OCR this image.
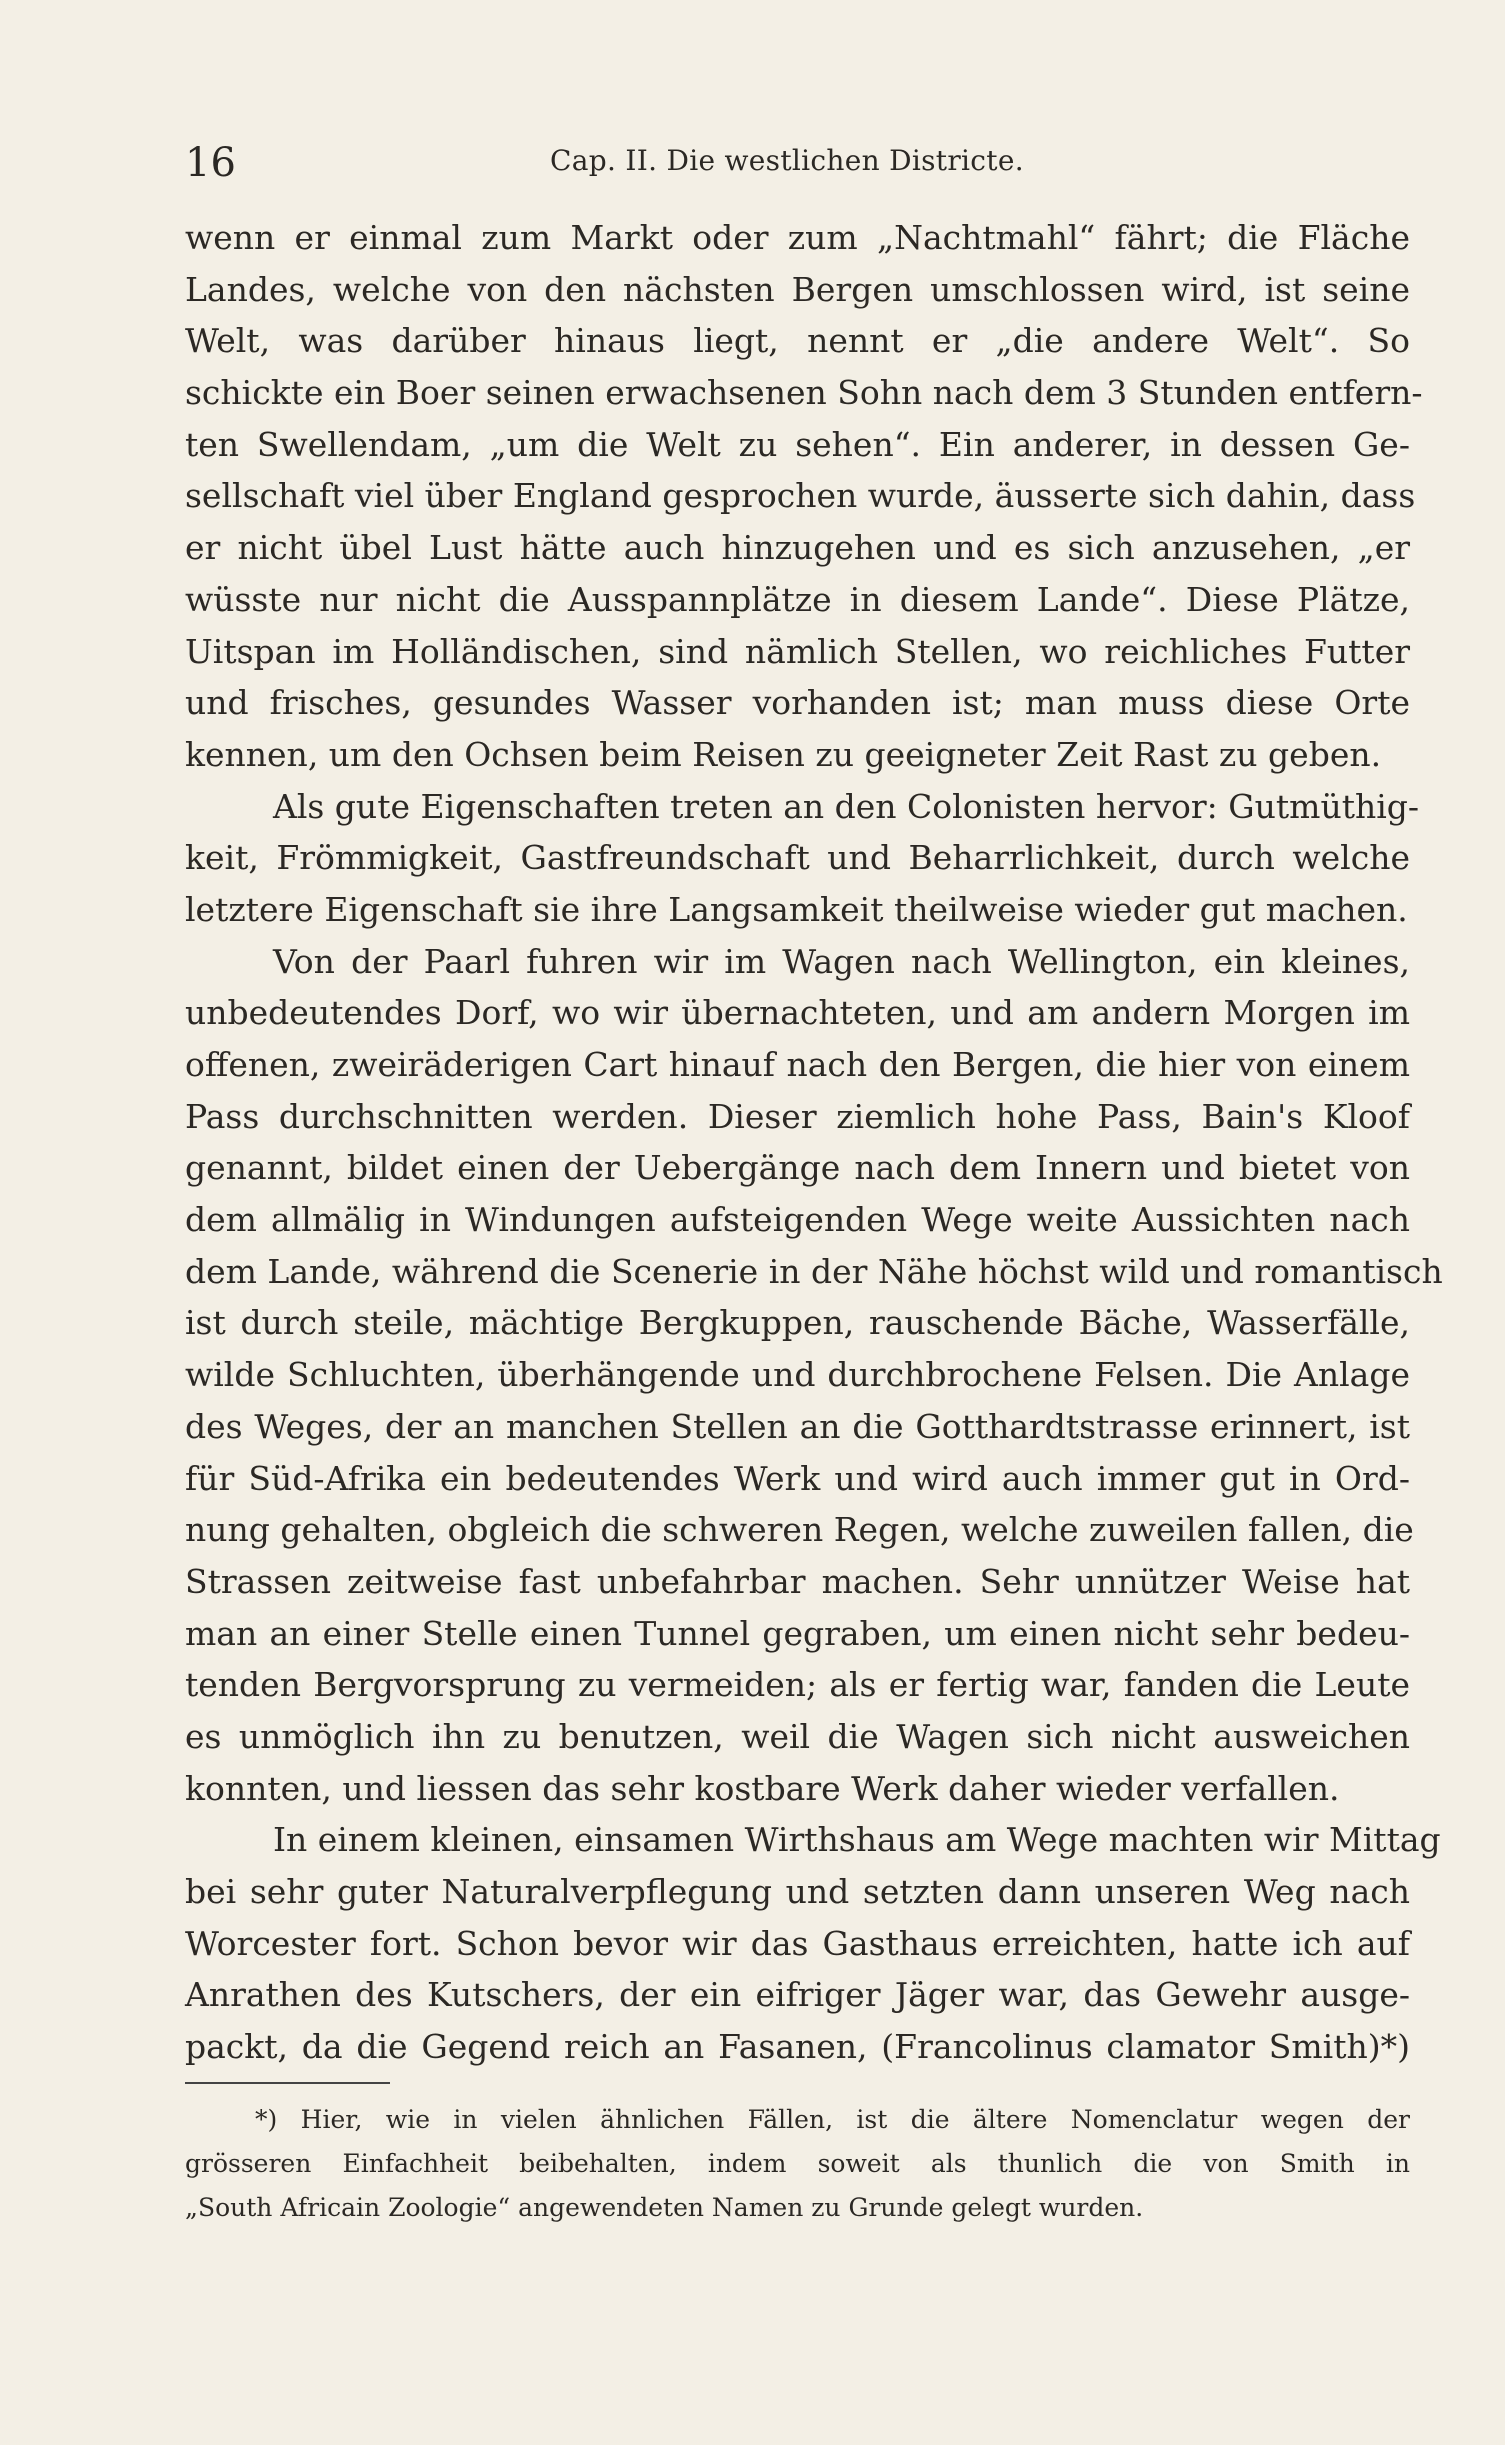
16	Cap. II. Die westlichen Districte.
wenn er einmal zum Markt oder zum „Nachtmahl“ fährt; die Fläche
Landes, welche von den nächsten Bergen umschlossen wird, ist seine
Welt, was darüber hinaus liegt, nennt er „die andere Welt“. So
schickte ein Boer seinen erwachsenen Sohn nach dem 3 Stunden entfern-
ten Swellendam, „um die Welt zu sehen“. Ein anderer, in dessen Ge-
sellschaft viel über England gesprochen wurde, äusserte sich dahin, dass
er nicht übel Lust hätte auch hinzugehen und es sich anzusehen, „er
wüsste nur nicht die Ausspannplätze in diesem Lande“. Diese Plätze,
Uitspan im Holländischen, sind nämlich Stellen, wo reichliches Futter
und frisches, gesundes Wasser vorhanden ist; man muss diese Orte
kennen, um den Ochsen beim Reisen zu geeigneter Zeit Rast zu geben.
Als gute Eigenschaften treten an den Colonisten hervor: Gutmüthig-
keit, Frömmigkeit, Gastfreundschaft und Beharrlichkeit, durch welche
letztere Eigenschaft sie ihre Langsamkeit theilweise wieder gut machen.
Von der Paarl fuhren wir im Wagen nach Wellington, ein kleines,
unbedeutendes Dorf, wo wir übernachteten, und am andern Morgen im
offenen, zweiräderigen Cart hinauf nach den Bergen, die hier von einem
Pass durchschnitten werden. Dieser ziemlich hohe Pass, Bain's Kloof
genannt, bildet einen der Uebergänge nach dem Innern und bietet von
dem allmälig in Windungen aufsteigenden Wege weite Aussichten nach
dem Lande, während die Scenerie in der Nähe höchst wild und romantisch
ist durch steile, mächtige Bergkuppen, rauschende Bäche, Wasserfälle,
wilde Schluchten, überhängende und durchbrochene Felsen. Die Anlage
des Weges, der an manchen Stellen an die Gotthardtstrasse erinnert, ist
für Süd-Afrika ein bedeutendes Werk und wird auch immer gut in Ord-
nung gehalten, obgleich die schweren Regen, welche zuweilen fallen, die
Strassen zeitweise fast unbefahrbar machen. Sehr unnützer Weise hat
man an einer Stelle einen Tunnel gegraben, um einen nicht sehr bedeu-
tenden Bergvorsprung zu vermeiden; als er fertig war, fanden die Leute
es unmöglich ihn zu benutzen, weil die Wagen sich nicht ausweichen
konnten, und liessen das sehr kostbare Werk daher wieder verfallen.
In einem kleinen, einsamen Wirthshaus am Wege machten wir Mittag
bei sehr guter Naturalverpflegung und setzten dann unseren Weg nach
Worcester fort. Schon bevor wir das Gasthaus erreichten, hatte ich auf
Anrathen des Kutschers, der ein eifriger Jäger war, das Gewehr ausge-
packt, da die Gegend reich an Fasanen, (Francolinus clamator Smith)*)
*) Hier, wie in vielen ähnlichen Fällen, ist die ältere Nomenclatur wegen der
grösseren Einfachheit beibehalten, indem soweit als thunlich die von Smith in
„South Africain Zoologie“ angewendeten Namen zu Grunde gelegt wurden.
